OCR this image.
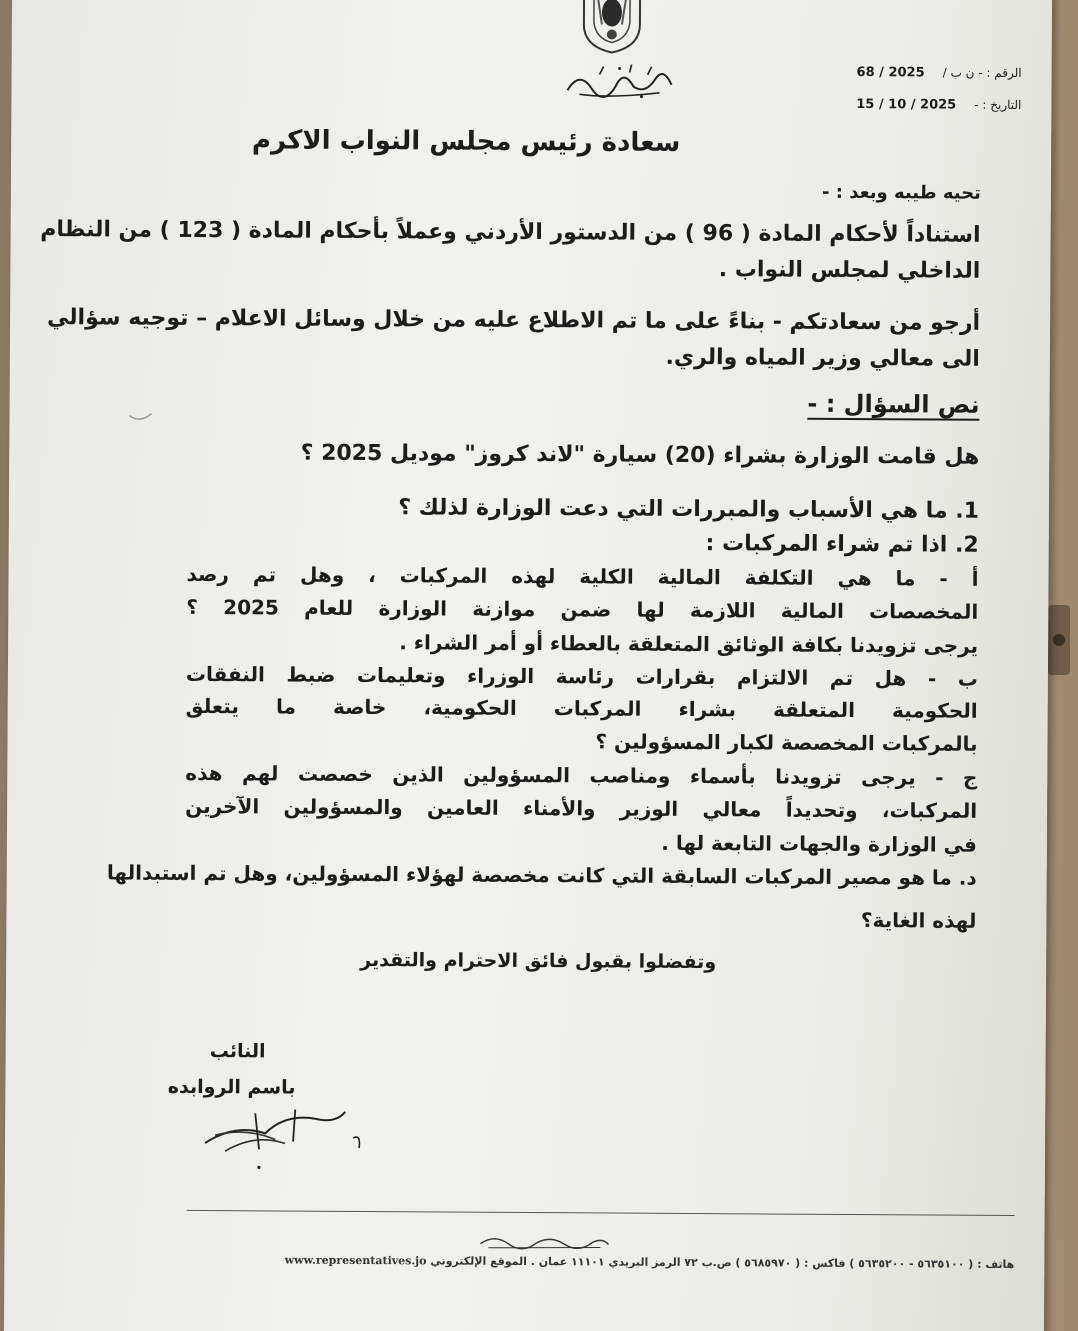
الرقم : - ن ب /
2025 / 68
التاريخ : -
2025 / 10 / 15
سعادة رئيس مجلس النواب الاكرم
تحيه طيبه وبعد : -
استناداً لأحكام المادة ( 96 ) من الدستور الأردني وعملاً بأحكام المادة ( 123 ) من النظام
الداخلي لمجلس النواب .
أرجو من سعادتكم - بناءً على ما تم الاطلاع عليه من خلال وسائل الاعلام – توجيه سؤالي
الى معالي وزير المياه والري.
نص السؤال : -
هل قامت الوزارة بشراء (20) سيارة "لاند كروز" موديل 2025 ؟
1. ما هي الأسباب والمبررات التي دعت الوزارة لذلك ؟
2. اذا تم شراء المركبات :
أ - ما هي التكلفة المالية الكلية لهذه المركبات ، وهل تم رصد
المخصصات المالية اللازمة لها ضمن موازنة الوزارة للعام 2025 ؟
يرجى تزويدنا بكافة الوثائق المتعلقة بالعطاء أو أمر الشراء .
ب - هل تم الالتزام بقرارات رئاسة الوزراء وتعليمات ضبط النفقات
الحكومية المتعلقة بشراء المركبات الحكومية، خاصة ما يتعلق
بالمركبات المخصصة لكبار المسؤولين ؟
ج - يرجى تزويدنا بأسماء ومناصب المسؤولين الذين خصصت لهم هذه
المركبات، وتحديداً معالي الوزير والأمناء العامين والمسؤولين الآخرين
في الوزارة والجهات التابعة لها .
د. ما هو مصير المركبات السابقة التي كانت مخصصة لهؤلاء المسؤولين، وهل تم استبدالها
لهذه الغاية؟
وتفضلوا بقبول فائق الاحترام والتقدير
النائب
باسم الروابده
هاتف : ( ٥٦٣٥١٠٠ - ٥٦٣٥٢٠٠ ) فاكس : ( ٥٦٨٥٩٧٠ ) ص.ب ٧٢ الرمز البريدي ١١١٠١ عمان . الموقع الإلكتروني www.representatives.jo
